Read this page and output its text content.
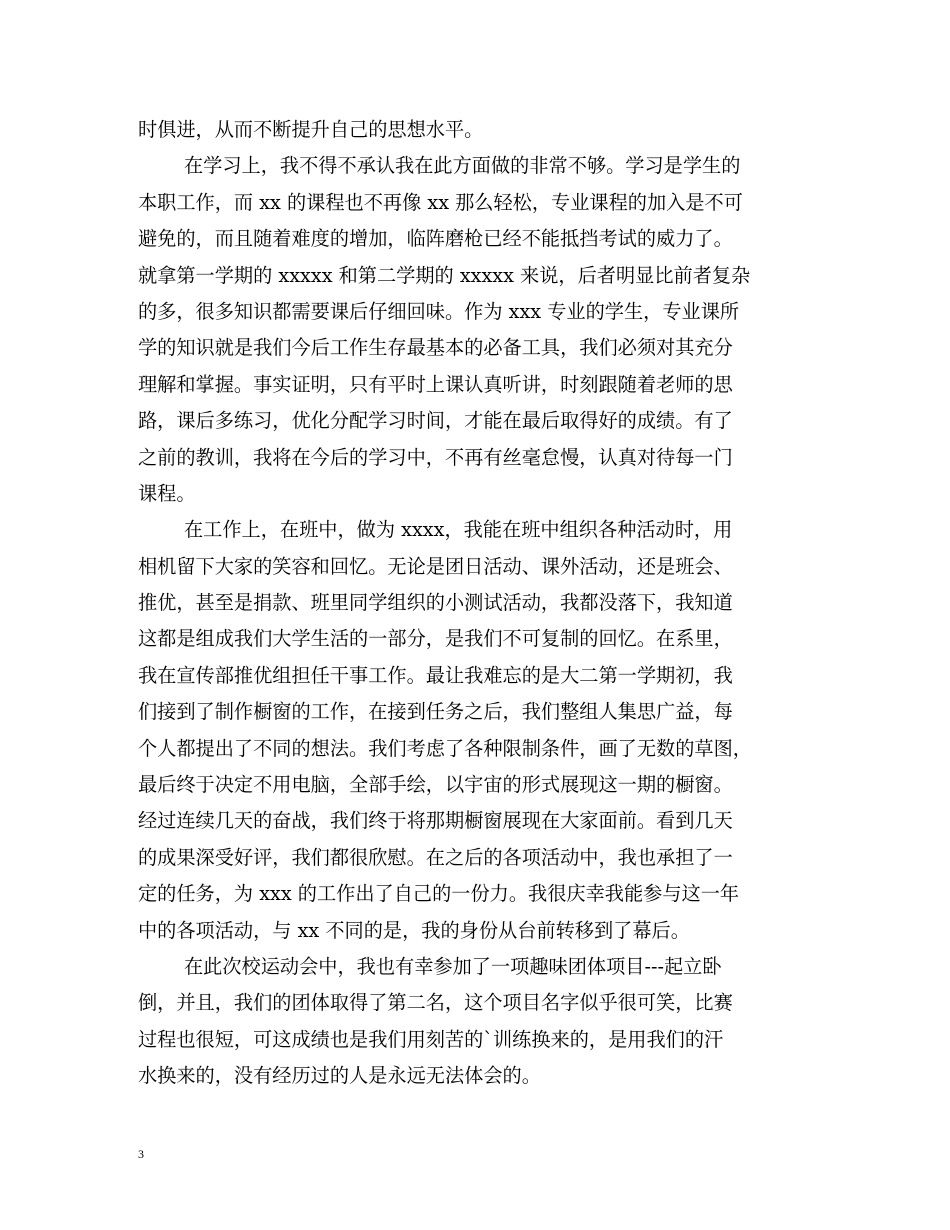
时俱进，从而不断提升自己的思想水平。
在学习上，我不得不承认我在此方面做的非常不够。学习是学生的
本职工作，而 xx 的课程也不再像 xx 那么轻松，专业课程的加入是不可
避免的，而且随着难度的增加，临阵磨枪已经不能抵挡考试的威力了。
就拿第一学期的 xxxxx 和第二学期的 xxxxx 来说，后者明显比前者复杂
的多，很多知识都需要课后仔细回味。作为 xxx 专业的学生，专业课所
学的知识就是我们今后工作生存最基本的必备工具，我们必须对其充分
理解和掌握。事实证明，只有平时上课认真听讲，时刻跟随着老师的思
路，课后多练习，优化分配学习时间，才能在最后取得好的成绩。有了
之前的教训，我将在今后的学习中，不再有丝毫怠慢，认真对待每一门
课程。
在工作上，在班中，做为 xxxx，我能在班中组织各种活动时，用
相机留下大家的笑容和回忆。无论是团日活动、课外活动，还是班会、
推优，甚至是捐款、班里同学组织的小测试活动，我都没落下，我知道
这都是组成我们大学生活的一部分，是我们不可复制的回忆。在系里，
我在宣传部推优组担任干事工作。最让我难忘的是大二第一学期初，我
们接到了制作橱窗的工作，在接到任务之后，我们整组人集思广益，每
个人都提出了不同的想法。我们考虑了各种限制条件，画了无数的草图，
最后终于决定不用电脑，全部手绘，以宇宙的形式展现这一期的橱窗。
经过连续几天的奋战，我们终于将那期橱窗展现在大家面前。看到几天
的成果深受好评，我们都很欣慰。在之后的各项活动中，我也承担了一
定的任务，为 xxx 的工作出了自己的一份力。我很庆幸我能参与这一年
中的各项活动，与 xx 不同的是，我的身份从台前转移到了幕后。
在此次校运动会中，我也有幸参加了一项趣味团体项目---起立卧
倒，并且，我们的团体取得了第二名，这个项目名字似乎很可笑，比赛
过程也很短，可这成绩也是我们用刻苦的`训练换来的，是用我们的汗
水换来的，没有经历过的人是永远无法体会的。
3
